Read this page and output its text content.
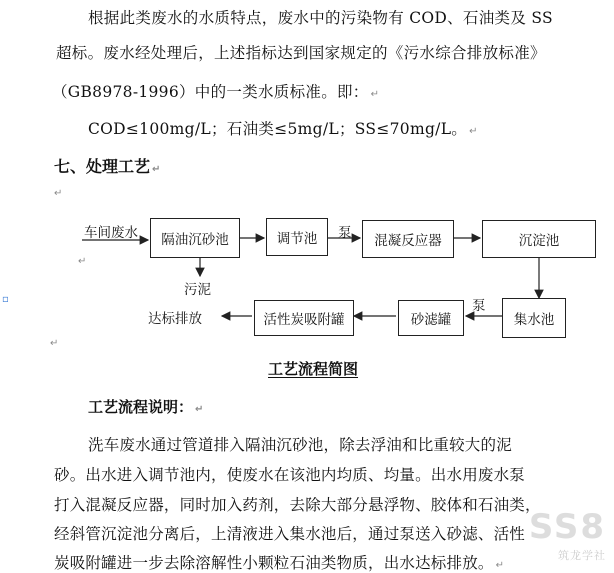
根据此类废水的水质特点，废水中的污染物有 COD、石油类及 SS
超标。废水经处理后，上述指标达到国家规定的《污水综合排放标准》
（GB8978-1996）中的一类水质标准。即： ↵
COD≤100mg/L；石油类≤5mg/L；SS≤70mg/L。 ↵
七、处理工艺 ↵
↵
车间废水	隔油沉砂池	调节池	泵	混凝反应器	沉淀池
污泥
↵
泵
集水池
砂滤罐
活性炭吸附罐
达标排放
↵
▫
工艺流程简图
工艺流程说明： ↵
洗车废水通过管道排入隔油沉砂池，除去浮油和比重较大的泥
砂。出水进入调节池内，使废水在该池内均质、均量。出水用废水泵
打入混凝反应器，同时加入药剂，去除大部分悬浮物、胶体和石油类，
经斜管沉淀池分离后，上清液进入集水池后，通过泵送入砂滤、活性
炭吸附罐进一步去除溶解性小颗粒石油类物质，出水达标排放。 ↵
SS8
筑龙学社
